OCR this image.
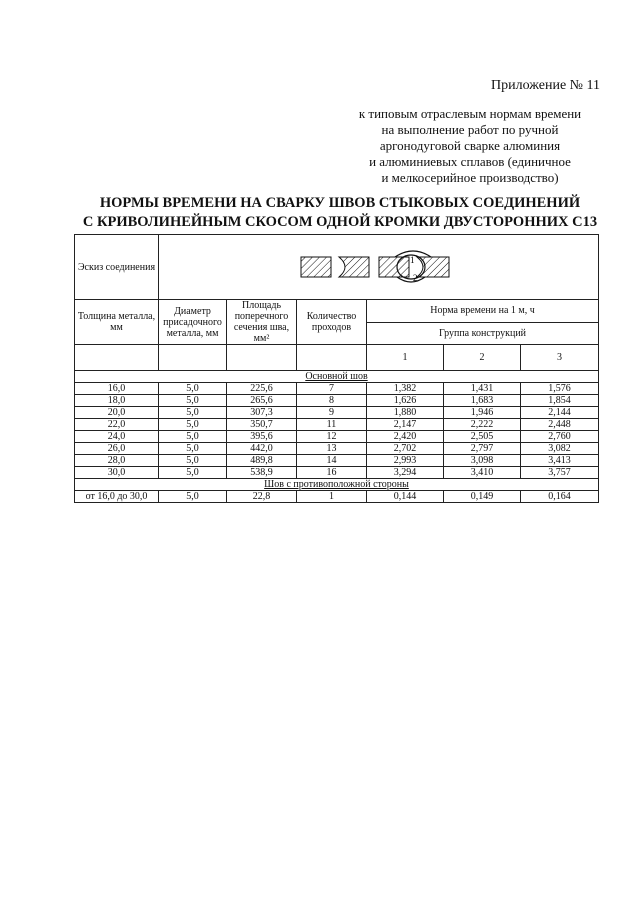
Приложение № 11
к типовым отраслевым нормам времени
на выполнение работ по ручной
аргонодуговой сварке алюминия
и алюминиевых сплавов (единичное
и мелкосерийное производство)
НОРМЫ ВРЕМЕНИ НА СВАРКУ ШВОВ СТЫКОВЫХ СОЕДИНЕНИЙ
С КРИВОЛИНЕЙНЫМ СКОСОМ ОДНОЙ КРОМКИ ДВУСТОРОННИХ С13
Эскиз соединения	1
2					

Толщина металла, мм	Диаметр присадочного металла, мм	Площадь поперечного сечения шва, мм²	Количество проходов	Норма времени на 1 м, ч		
				Группа конструкций		
				1	2	3
Основной шов						
16,0	5,0	225,6	7	1,382	1,431	1,576
18,0	5,0	265,6	8	1,626	1,683	1,854
20,0	5,0	307,3	9	1,880	1,946	2,144
22,0	5,0	350,7	11	2,147	2,222	2,448
24,0	5,0	395,6	12	2,420	2,505	2,760
26,0	5,0	442,0	13	2,702	2,797	3,082
28,0	5,0	489,8	14	2,993	3,098	3,413
30,0	5,0	538,9	16	3,294	3,410	3,757
Шов с противоположной стороны						
от 16,0 до 30,0	5,0	22,8	1	0,144	0,149	0,164
